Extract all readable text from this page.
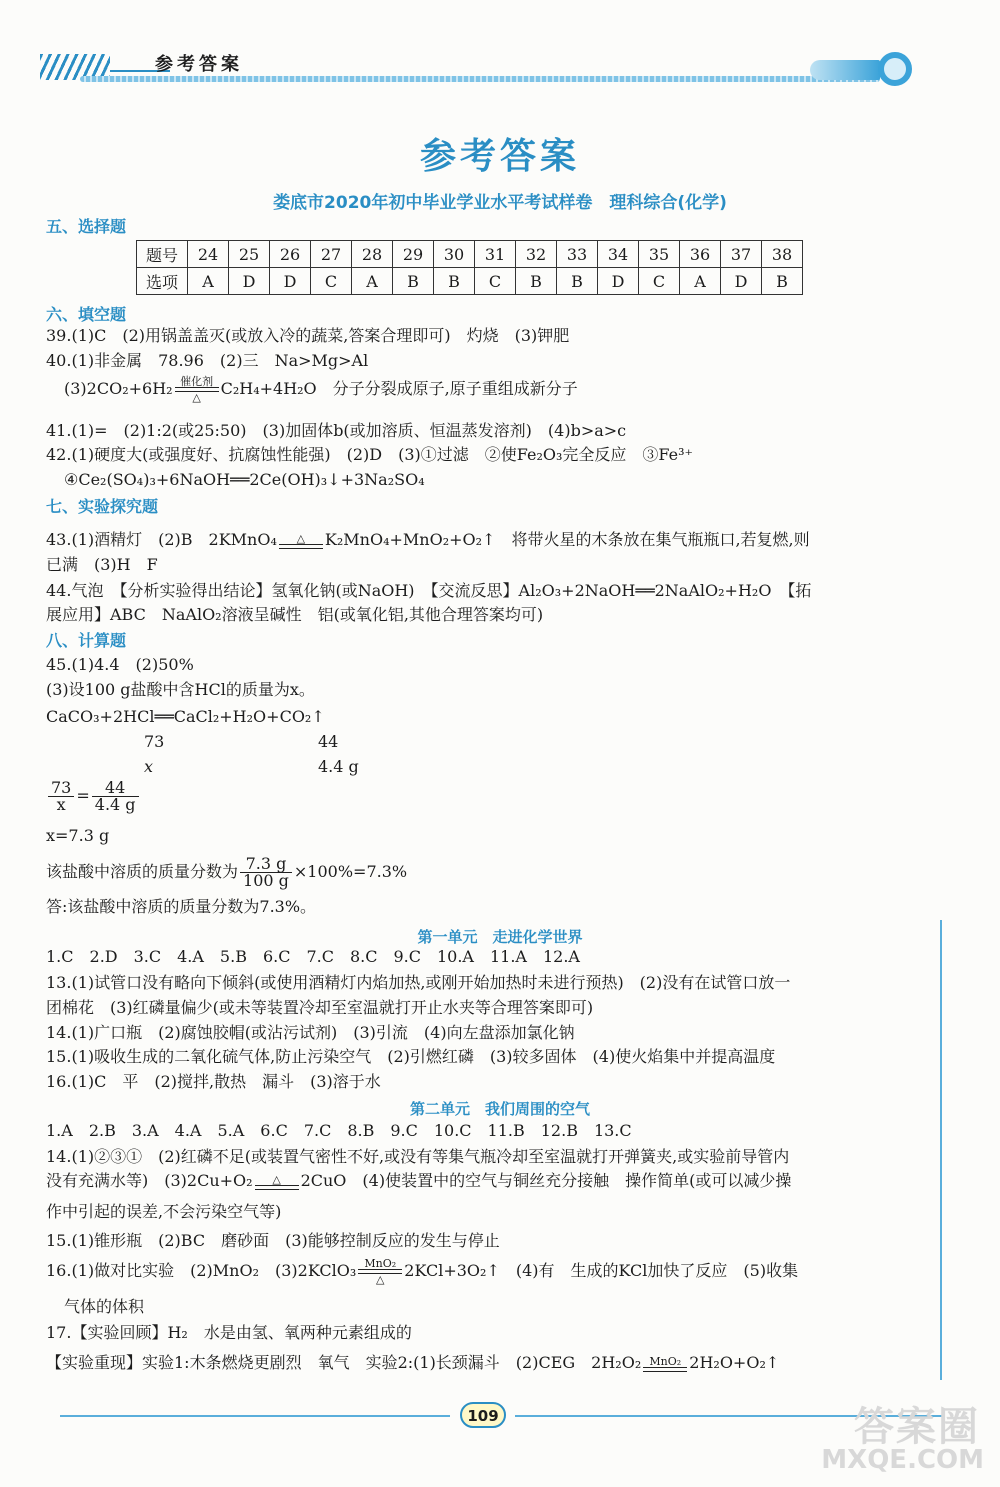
参考答案
参考答案
娄底市2020年初中毕业学业水平考试样卷　理科综合(化学)
五、选择题
题号	24	25	26	27	28	29	30	31	32	33	34	35	36	37	38
选项	A	D	D	C	A	B	B	C	B	B	D	C	A	D	B
六、填空题
39.(1)C　(2)用锅盖盖灭(或放入冷的蔬菜,答案合理即可)　灼烧　(3)钾肥
40.(1)非金属　78.96　(2)三　Na>Mg>Al
(3)2CO₂+6H₂ 催化剂
△	C₂H₄+4H₂O　分子分裂成原子,原子重组成新分子
41.(1)=　(2)1:2(或25:50)　(3)加固体b(或加溶质、恒温蒸发溶剂)　(4)b>a>c
42.(1)硬度大(或强度好、抗腐蚀性能强)　(2)D　(3)①过滤　②使Fe₂O₃完全反应　③Fe³⁺
④Ce₂(SO₄)₃+6NaOH══2Ce(OH)₃↓+3Na₂SO₄
七、实验探究题
43.(1)酒精灯　(2)B　2KMnO₄	△	K₂MnO₄+MnO₂+O₂↑　将带火星的木条放在集气瓶瓶口,若复燃,则
已满　(3)H　F
44.气泡　【分析实验得出结论】氢氧化钠(或NaOH)　【交流反思】Al₂O₃+2NaOH══2NaAlO₂+H₂O　【拓
展应用】ABC　NaAlO₂溶液呈碱性　铝(或氧化铝,其他合理答案均可)
八、计算题
45.(1)4.4　(2)50%
(3)设100 g盐酸中含HCl的质量为x。
CaCO₃+2HCl══CaCl₂+H₂O+CO₂↑
73	44
x	4.4 g
$\frac{73}{x} = \frac{44}{4.4 g}$
x=7.3 g
该盐酸中溶质的质量分数为 $\frac{7.3 g}{100 g} \times 100\%=7.3\%$
答:该盐酸中溶质的质量分数为7.3%。
第一单元　走进化学世界
1.C　2.D　3.C　4.A　5.B　6.C　7.C　8.C　9.C　10.A　11.A　12.A
13.(1)试管口没有略向下倾斜(或使用酒精灯内焰加热,或刚开始加热时未进行预热)　(2)没有在试管口放一
团棉花　(3)红磷量偏少(或未等装置冷却至室温就打开止水夹等合理答案即可)
14.(1)广口瓶　(2)腐蚀胶帽(或沾污试剂)　(3)引流　(4)向左盘添加氯化钠
15.(1)吸收生成的二氧化硫气体,防止污染空气　(2)引燃红磷　(3)较多固体　(4)使火焰集中并提高温度
16.(1)C　平　(2)搅拌,散热　漏斗　(3)溶于水
第二单元　我们周围的空气
1.A　2.B　3.A　4.A　5.A　6.C　7.C　8.B　9.C　10.C　11.B　12.B　13.C
14.(1)②③①　(2)红磷不足(或装置气密性不好,或没有等集气瓶冷却至室温就打开弹簧夹,或实验前导管内
没有充满水等)　(3)2Cu+O₂	△	2CuO　(4)使装置中的空气与铜丝充分接触　操作简单(或可以减少操
作中引起的误差,不会污染空气等)
15.(1)锥形瓶　(2)BC　磨砂面　(3)能够控制反应的发生与停止
16.(1)做对比实验　(2)MnO₂　(3)2KClO₃ MnO₂
△	2KCl+3O₂↑　(4)有　生成的KCl加快了反应　(5)收集
气体的体积
17.【实验回顾】H₂　水是由氢、氧两种元素组成的
【实验重现】实验1:木条燃烧更剧烈　氧气　实验2:(1)长颈漏斗　(2)CEG　2H₂O₂ MnO₂ 2H₂O+O₂↑
109	答案圈
MXQE.COM
